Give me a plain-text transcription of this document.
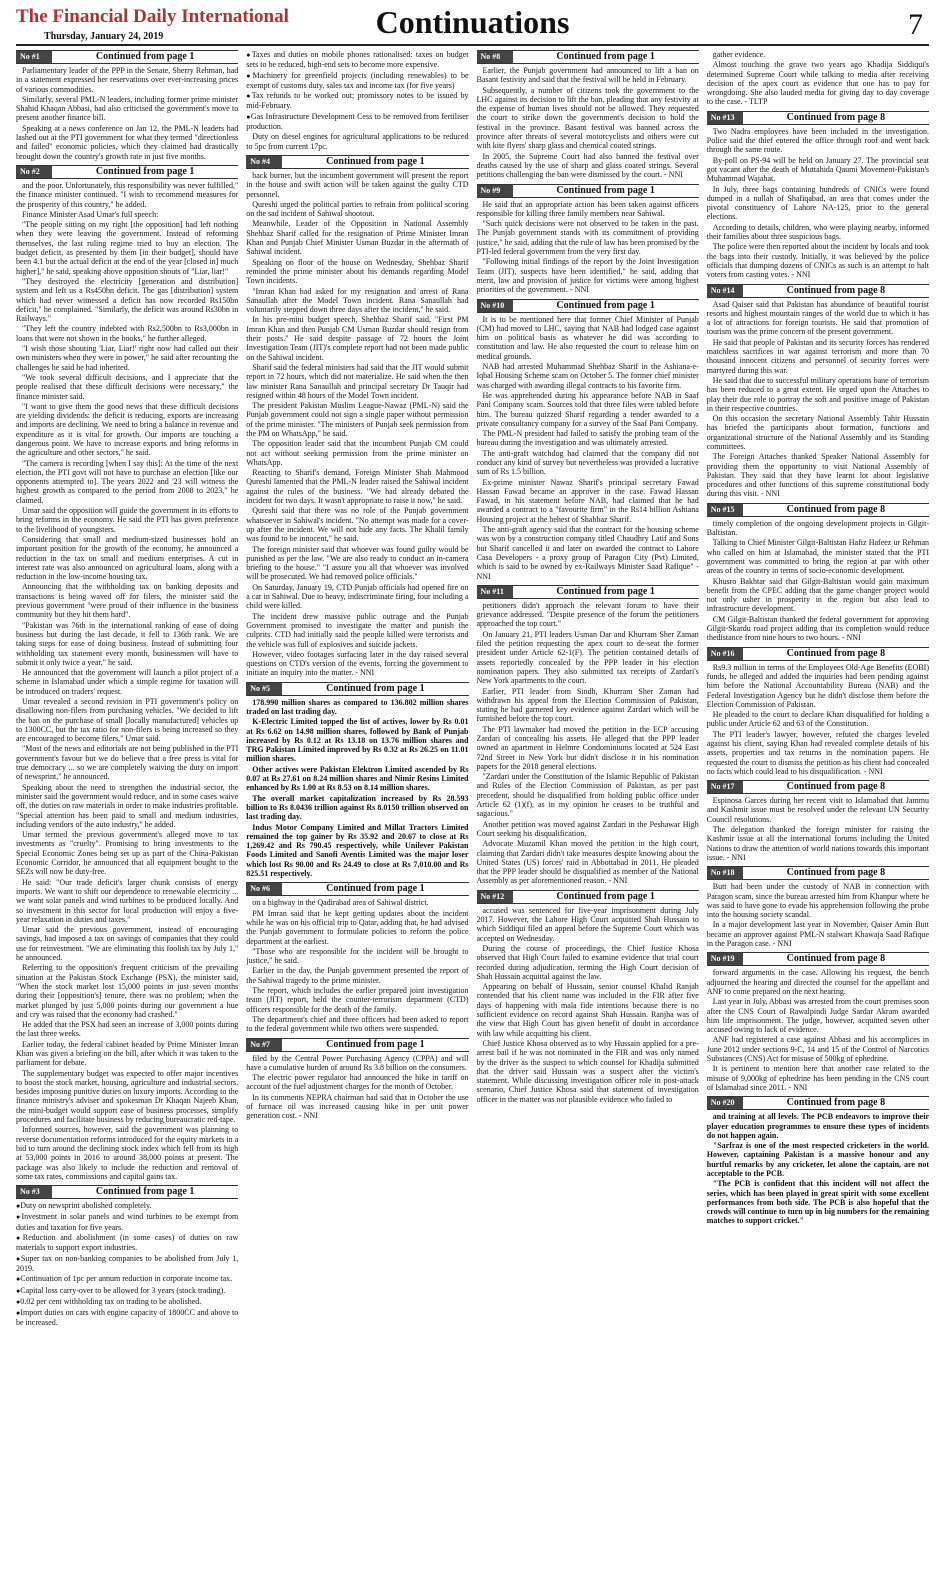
The Financial Daily International
Thursday, January 24, 2019	Continuations	7
No #1	Continued from page 1
Parliamentary leader of the PPP in the Senate, Sherry Rehman, had in a statement expressed her reservations over ever-increasing prices of various commodities.
Similarly, several PML-N leaders, including former prime minister Shahid Khaqan Abbasi, had also criticised the government's move to present another finance bill.
Speaking at a news conference on Jan 12, the PML-N leaders had lashed out at the PTI government for what they termed "directionless and failed" economic policies, which they claimed had drastically brought down the country's growth rate in just five months.
No #2	Continued from page 1
and the poor. Unfortunately, this responsibility was never fulfilled," the finance minister continued. "I wish to recommend measures for the prosperity of this country," he added.
Finance Minister Asad Umar's full speech:
"The people sitting on my right [the opposition] had left nothing when they were leaving the government. Instead of reforming themselves, the last ruling regime tried to buy an election. The budget deficit, as presented by them [in their budget], should have been 4.1 but the actual deficit at the end of the year [closed in] much higher]," he said, speaking above opposition shouts of "Liar, liar!"
"They destroyed the electricity [generation and distribution] system and left us a Rs450bn deficit. The gas [distribution] system which had never witnessed a deficit has now recorded Rs150bn deficit," he complained. "Similarly, the deficit was around Rs30bn in Railways."
"They left the country indebted with Rs2,500bn to Rs3,000bn in loans that were not shown in the books," he further alleged.
"I wish those shouting 'Liar, Liar!' right now had called out their own ministers when they were in power," he said after recounting the challenges he said he had inherited.
"We took several difficult decisions, and I appreciate that the people realised that these difficult decisions were necessary," the finance minister said.
"I want to give them the good news that these difficult decisions are yielding dividends: the deficit is reducing, exports are increasing and imports are declining. We need to bring a balance in revenue and expenditure as it is vital for growth. Our imports are touching a dangerous point. We have to increase exports and bring reforms in the agriculture and other sectors," he said.
"The camera is recording [when I say this]: At the time of the next election, the PTI govt will not have to purchase an election [like our opponents attempted to]. The years 2022 and '23 will witness the highest growth as compared to the period from 2008 to 2023," he claimed.
Umar said the opposition will guide the government in its efforts to bring reforms in the economy. He said the PTI has given preference to the livelihood of youngsters.
Considering that small and medium-sized businesses hold an important position for the growth of the economy, he announced a reduction in the tax on small and medium enterprises. A cut in interest rate was also announced on agricultural loans, along with a reduction in the low-income housing tax.
Announcing that the withholding tax on banking deposits and transactions is being waved off for filers, the minister said the previous government "were proud of their influence in the business community but they hit them hard".
"Pakistan was 76th in the international ranking of ease of doing business but during the last decade, it fell to 136th rank. We are taking steps for ease of doing business. Instead of submitting four withholding tax statement every month, businessmen will have to submit it only twice a year," he said.
He announced that the government will launch a pilot project of a scheme in Islamabad under which a simple regime for taxation will be introduced on traders' request.
Umar revealed a second revision in PTI government's policy on disallowing non-filers from purchasing vehicles. "We decided to lift the ban on the purchase of small [locally manufactured] vehicles up to 1300CC, but the tax ratio for non-filers is being increased so they are encouraged to become filers," Umar said.
"Most of the news and editorials are not being published in the PTI government's favour but we do believe that a free press is vital for true democracy ... so we are completely waiving the duty on import of newsprint," he announced.
Speaking about the need to strengthen the industrial sector, the minister said the government would reduce, and in some cases waive off, the duties on raw materials in order to make industries profitable. "Special attention has been paid to small and medium industries, including vendors of the auto industry," he added.
Umar termed the previous government's alleged move to tax investments as "cruelty". Promising to bring investments to the Special Economic Zones being set up as part of the China-Pakistan Economic Corridor, he announced that all equipment bought to the SEZs will now be duty-free.
He said: "Our trade deficit's larger chunk consists of energy imports. We want to shift our dependence to renewable electricity ... we want solar panels and wind turbines to be produced locally. And so investment in this sector for local production will enjoy a five-year relaxation in duties and taxes."
Umar said the previous government, instead of encouraging savings, had imposed a tax on savings of companies that they could use for reinvestment. "We are eliminating this foolish tax by July 1," he announced.
Referring to the opposition's frequent criticism of the prevailing situation at the Pakistan Stock Exchange (PSX), the minister said, "When the stock market lost 15,000 points in just seven months during their [opposition's] tenure, there was no problem; when the market plunged by just 5,000 points during our government a hue and cry was raised that the economy had crashed."
He added that the PSX had seen an increase of 3,000 points during the last three weeks.
Earlier today, the federal cabinet headed by Prime Minister Imran Khan was given a briefing on the bill, after which it was taken to the parliament for debate.
The supplementary budget was expected to offer major incentives to boost the stock market, housing, agriculture and industrial sectors, besides imposing punitive duties on luxury imports. According to the finance ministry's adviser and spokesman Dr Khaqan Najeeb Khan, the mini-budget would support ease of business processes, simplify procedures and facilitate business by reducing bureaucratic red-tape.
Informed sources, however, said the government was planning to reverse documentation reforms introduced for the equity markets in a bid to turn around the declining stock index which fell from its high at 53,000 points in 2016 to around 38,000 points at present. The package was also likely to include the reduction and removal of some tax rates, commissions and capital gains tax.
No #3	Continued from page 1
● Duty on newsprint abolished completely.
● Investment in solar panels and wind turbines to be exempt from duties and taxation for five years.
● Reduction and abolishment (in some cases) of duties on raw materials to support export industries.
● Super tax on non-banking companies to be abolished from July 1, 2019.
● Continuation of 1pc per annum reduction in corporate income tax.
● Capital loss carry-over to be allowed for 3 years (stock trading).
● 0.02 per cent withholding tax on trading to be abolished.
● Import duties on cars with engine capacity of 1800CC and above to be increased.
● Taxes and duties on mobile phones rationalised: taxes on budget sets to be reduced, high-end sets to become more expensive.
● Machinery for greenfield projects (including renewables) to be exempt of customs duty, sales tax and income tax (for five years)
● Tax refunds to be worked out; promissory notes to be issued by mid-February.
● Gas Infrastructure Development Cess to be removed from fertiliser production.
Duty on diesel engines for agricultural applications to be reduced to 5pc from current 17pc.
No #4	Continued from page 1
back burner, but the incumbent government will present the report in the house and swift action will be taken against the guilty CTD personnel.
Qureshi urged the political parties to refrain from political scoring on the sad incident of Sahiwal shootout.
Meanwhile, Leader of the Opposition in National Assembly Shehbaz Sharif called for the resignation of Prime Minister Imran Khan and Punjab Chief Minister Usman Buzdar in the aftermath of Sahiwal incident.
Speaking on floor of the house on Wednesday, Shehbaz Sharif reminded the prime minister about his demands regarding Model Town incidents.
"Imran Khan had asked for my resignation and arrest of Rana Sanaullah after the Model Town incident. Rana Sanaullah had voluntarily stepped down three days after the incident," he said.
In his pre-mini budget speech, Shehbaz Sharif said, "First PM Imran Khan and then Punjab CM Usman Buzdar should resign from their posts." He said despite passage of 72 hours the Joint Investigation Team (JIT)'s complete report had not been made public on the Sahiwal incident.
Sharif said the federal ministers had said that the JIT would submit report in 72 hours, which did not materialize. He said when the then law minister Rana Sanaullah and principal secretary Dr Tauqir had resigned within 48 hours of the Model Town incident.
The president Pakistan Muslim League-Nawaz (PML-N) said the Punjab government could not sign a single paper without permission of the prime minister. "The ministers of Punjab seek permission from the PM on WhatsApp," he said.
The opposition leader said that the incumbent Punjab CM could not act without seeking permission from the prime minister on WhatsApp.
Reacting to Sharif's demand, Foreign Minister Shah Mahmood Qureshi lamented that the PML-N leader raised the Sahiwal incident against the rules of the business. "We had already debated the incident for two days. It wasn't appropriate to raise it now," he said.
Qureshi said that there was no role of the Punjab government whatsoever in Sahiwal's incident. "No attempt was made for a cover-up after the incident. We will not hide any facts. The Khalil family was found to be innocent," he said.
The foreign minister said that whoever was found guilty would be punished as per the law. "We are also ready to conduct an in-camera briefing to the house." "I assure you all that whoever was involved will be prosecuted. We had removed police officials."
On Saturday, January 19, CTD Punjab officials had opened fire on a car in Sahiwal. Due to heavy, indiscriminate firing, four including a child were killed.
The incident drew massive public outrage and the Punjab Government promised to investigate the matter and punish the culprits. CTD had initially said the people killed were terrorists and the vehicle was full of explosives and suicide jackets.
However, video footages surfacing later in the day raised several questions on CTD's version of the events, forcing the government to initiate an inquiry into the matter. - NNI
No #5	Continued from page 1
178.990 million shares as compared to 136.802 million shares traded on last trading day.
K-Electric Limited topped the list of actives, lower by Rs 0.01 at Rs 6.62 on 14.98 million shares, followed by Bank of Punjab increased by Rs 0.12 at Rs 13.18 on 13.76 million shares and TRG Pakistan Limited improved by Rs 0.32 at Rs 26.25 on 11.01 million shares.
Other actives were Pakistan Elektron Limited ascended by Rs 0.07 at Rs 27.61 on 8.24 million shares and Nimir Resins Limited enhanced by Rs 1.00 at Rs 8.53 on 8.14 million shares.
The overall market capitalization increased by Rs 28.593 billion to Rs 8.0436 trillion against Rs 8.0150 trillion observed on last trading day.
Indus Motor Company Limited and Millat Tractors Limited remained the top gainer by Rs 35.92 and 20.67 to close at Rs 1,269.42 and Rs 790.45 respectively, while Unilever Pakistan Foods Limited and Sanofi Aventis Limited was the major loser which lost Rs 90.00 and Rs 24.49 to close at Rs 7,010.00 and Rs 825.51 respectively.
No #6	Continued from page 1
on a highway in the Qadirabad area of Sahiwal district.
PM Imran said that he kept getting updates about the incident while he was on his official trip to Qatar, adding that, he had advised the Punjab government to formulate policies to reform the police department at the earliest.
"Those who are responsible for the incident will be brought to justice," he said.
Earlier in the day, the Punjab government presented the report of the Sahiwal tragedy to the prime minister.
The report, which includes the earlier prepared joint investigation team (JIT) report, held the counter-terrorism department (CTD) officers responsible for the death of the family.
The department's chief and three officers had been asked to report to the federal government while two others were suspended.
No #7	Continued from page 1
filed by the Central Power Purchasing Agency (CPPA) and will have a cumulative burden of around Rs 3.8 billion on the consumers.
The electric power regulator had announced the hike in tariff on account of the fuel adjustment charges for the month of October.
In its comments NEPRA chairman had said that in October the use of furnace oil was increased causing hike in per unit power generation cost. - NNI
No #8	Continued from page 1
Earlier, the Punjab government had announced to lift a ban on Basant festivity and said that the festival will be held in February.
Subsequently, a number of citizens took the government to the LHC against its decision to lift the ban, pleading that any festivity at the expense of human lives should not be allowed. They requested the court to strike down the government's decision to hold the festival in the province. Basant festival was banned across the province after threats of several motorcyclists and others were cut with kite flyers' sharp glass and chemical coated strings.
In 2005, the Supreme Court had also banned the festival over deaths caused by the use of sharp and glass coated strings. Several petitions challenging the ban were dismissed by the court. - NNI
No #9	Continued from page 1
He said that an appropriate action has been taken against officers responsible for killing three family members near Sahiwal.
"Such quick decisions were not observed to be taken in the past. The Punjab government stands with its commitment of providing justice," he said, adding that the rule of law has been promised by the PTI-led federal government from the very first day.
"Following initial findings of the report by the Joint Investigation Team (JIT), suspects have been identified," he said, adding that merit, law and provision of justice for victims were among highest priorities of the government. - NNI
No #10	Continued from page 1
It is to be mentioned here that former Chief Minister of Punjab (CM) had moved to LHC, saying that NAB had lodged case against him on political basis as whatever he did was according to constitution and law. He also requested the court to release him on medical grounds.
NAB had arrested Muhammad Shehbaz Sharif in the Ashiana-e-Iqbal Housing Scheme scam on October 5. The former chief minister was charged with awarding illegal contracts to his favorite firm.
He was apprehended during his appearance before NAB in Saaf Pani Company scam. Sources told that three files were tabled before him. The bureau quizzed Sharif regarding a tender awarded to a private consultancy company for a survey of the Saaf Pani Company.
The PML-N president had failed to satisfy the probing team of the bureau during the investigation and was ultimately arrested.
The anti-graft watchdog had claimed that the company did not conduct any kind of survey but nevertheless was provided a lucrative sum of Rs 1.5 billion.
Ex-prime minister Nawaz Sharif's principal secretary Fawad Hassan Fawad became an approver in the case. Fawad Hassan Fawad, in his statement before NAB, had claimed that he had awarded a contract to a "favourite firm" in the Rs14 billion Ashiana Housing project at the behest of Shahbaz Sharif.
The anti-graft agency said that the contract for the housing scheme was won by a construction company titled Chaudhry Latif and Sons but Sharif cancelled it and later on awarded the contract to Lahore Casa Developers - a proxy group of Paragon City (Pvt) Limited, which is said to be owned by ex-Railways Minister Saad Rafique" - NNI
No #11	Continued from page 1
petitioners didn't approach the relevant forum to have their grievance addressed. "Despite presence of the forum the petitioners approached the top court."
On January 21, PTI leaders Usman Dar and Khurram Sher Zaman filed the petition requesting the apex court to de-seat the former president under Article 62-1(F). The petition contained details of assets reportedly concealed by the PPP leader in his election nomination papers. They also submitted tax receipts of Zardari's New York apartments to the court.
Earlier, PTI leader from Sindh, Khurram Sher Zaman had withdrawn his appeal from the Election Commission of Pakistan, stating he had garnered key evidence against Zardari which will be furnished before the top court.
The PTI lawmaker had moved the petition in the ECP accusing Zardari of concealing his assets. He alleged that the PPP leader owned an apartment in Helmre Condominiums located at 524 East 72nd Street in New York but didn't disclose it in his nomination papers for the 2018 general elections.
"Zardari under the Constitution of the Islamic Republic of Pakistan and Rules of the Election Commission of Pakistan, as per past precedent, should be disqualified from holding public office under Article 62 (1)(f), as in my opinion he ceases to be truthful and sagacious."
Another petition was moved against Zardari in the Peshawar High Court seeking his disqualification.
Advocate Muzamil Khan moved the petition in the high court, claiming that Zardari didn't take measures despite knowing about the United States (US) forces' raid in Abbottabad in 2011. He pleaded that the PPP leader should be disqualified as member of the National Assembly as per aforementioned reason. - NNI
No #12	Continued from page 1
accused was sentenced for five-year imprisonment during July 2017. However, the Lahore High Court acquitted Shah Hussain to which Siddiqui filed an appeal before the Supreme Court which was accepted on Wednesday.
During the course of proceedings, the Chief Justice Khosa observed that High Court failed to examine evidence that trial court recorded during adjudication, terming the High Court decision of Shah Hussain acquittal against the law.
Appearing on behalf of Hussain, senior counsel Khalid Ranjah contended that his client name was included in the FIR after five days of happening with mala fide intentions because there is no sufficient evidence on record against Shah Hussain. Ranjha was of the view that High Court has given benefit of doubt in accordance with law while acquitting his client.
Chief Justice Khosa observed as to why Hussain applied for a pre-arrest bail if he was not nominated in the FIR and was only named by the driver as the suspect to which counsel for Khadija submitted that the driver said Hussain was a suspect after the victim's statement. While discussing investigation officer role in post-attack scenario, Chief Justice Khosa said that statement of investigation officer in the matter was not plausible evidence who failed to
gather evidence.
Almost touching the grave two years ago Khadija Siddiqui's determined Supreme Court while talking to media after receiving decision of the apex court as evidence that one has to pay for wrongdoing. She also lauded media for giving day to day coverage to the case. - TLTP
No #13	Continued from page 8
Two Nadra employees have been included in the investigation. Police said the thief entered the office through roof and went back through the same route.
By-poll on PS-94 will be held on January 27. The provincial seat got vacant after the death of Muttahida Qaumi Movement-Pakistan's Muhammad Wajahat.
In July, three bags containing hundreds of CNICs were found dumped in a nullah of Shafiqabad, an area that comes under the pivotal constituency of Lahore NA-125, prior to the general elections.
According to details, children, who were playing nearby, informed their families about three suspicious bags.
The police were then reported about the incident by locals and took the bags into their custody. Initially, it was believed by the police officials that dumping dozens of CNICs as such is an attempt to halt voters from casting votes. - NNI
No #14	Continued from page 8
Asad Qaiser said that Pakistan has abundance of beautiful tourist resorts and highest mountain ranges of the world due to which it has a lot of attractions for foreign tourists. He said that promotion of tourism was the prime concern of the present government.
He said that people of Pakistan and its security forces has rendered matchless sacrifices in war against terrorism and more than 70 thousand innocent citizens and personnel of security forces were martyred during this war.
He said that due to successful military operations bane of terrorism has been reduced to a great extent. He urged upon the Attaches to play their due role to portray the soft and positive image of Pakistan in their respective countries.
On this occasion the secretary National Assembly Tahir Hussain has briefed the participants about formation, functions and organizational structure of the National Assembly and its Standing committees.
The Foreign Attaches thanked Speaker National Assembly for providing them the opportunity to visit National Assembly of Pakistan. They said that they have learnt lot about legislative procedures and other functions of this supreme constitutional body during this visit. - NNI
No #15	Continued from page 8
timely completion of the ongoing development projects in Gilgit-Baltistan.
Talking to Chief Minister Gilgit-Baltistan Hafiz Hafeez ur Rehman who called on him at Islamabad, the minister stated that the PTI government was committed to bring the region at par with other areas of the country in terms of socio-economic development.
Khusro Bakhtar said that Gilgit-Baltistan would gain maximum benefit from the CPEC adding that the game changer project would not only usher in prosperity in the region but also lead to infrastructure development.
CM Gilgit-Baltistan thanked the federal government for approving Gilgit-Skardu road project adding that its completion would reduce thedistance from nine hours to two hours. - NNI
No #16	Continued from page 8
Rs9.3 million in terms of the Employees Old-Age Benefits (EOBI) funds, he alleged and added the inquiries had been pending against him before the National Accountability Bureau (NAB) and the Federal Investigation Agency but he didn't disclose them before the Election Commission of Pakistan.
He pleaded to the court to declare Khan disqualified for holding a public under Article 62 and 63 of the Constitution.
The PTI leader's lawyer, however, refuted the charges leveled against his client, saying Khan had revealed complete details of his assets, properties and tax returns in the nomination papers. He requested the court to dismiss the petition as his client had concealed no facts which could lead to his disqualification. - NNI
No #17	Continued from page 8
Espinosa Garces during her recent visit to Islamabad that Jammu and Kashmir issue must be resolved under the relevant UN Security Council resolutions.
The delegation thanked the foreign minister for raising the Kashmir issue at all the international forums including the United Nations to draw the attention of world nations towards this important issue. - NNI
No #18	Continued from page 8
Butt had been under the custody of NAB in connection with Paragon scam, since the bureau arrested him from Khanpur where he was said to have gone to evade his apprehension following the probe into the housing society scandal.
In a major development last year in November, Qaiser Amin Butt became an approver against PML-N stalwart Khawaja Saad Rafique in the Paragon case. - NNI
No #19	Continued from page 8
forward arguments in the case. Allowing his request, the bench adjourned the hearing and directed the counsel for the appellant and ANF to come prepared on the next hearing.
Last year in July, Abbasi was arrested from the court premises soon after the CNS Court of Rawalpindi Judge Sardar Akram awarded him life imprisonment. The judge, however, acquitted seven other accused owing to lack of evidence.
ANF had registered a case against Abbasi and his accomplices in June 2012 under sections 9-C, 14 and 15 of the Control of Narcotics Substances (CNS) Act for misuse of 500kg of ephedrine.
It is pertinent to mention here that another case related to the misuse of 9,000kg of ephedrine has been pending in the CNS court of Islamabad since 2011. - NNI
No #20	Continued from page 8
and training at all levels. The PCB endeavors to improve their player education programmes to ensure these types of incidents do not happen again.
"Sarfraz is one of the most respected cricketers in the world. However, captaining Pakistan is a massive honour and any hurtful remarks by any cricketer, let alone the captain, are not acceptable to the PCB.
"The PCB is confident that this incident will not affect the series, which has been played in great spirit with some excellent performances from both side. The PCB is also hopeful that the crowds will continue to turn up in big numbers for the remaining matches to support cricket."
